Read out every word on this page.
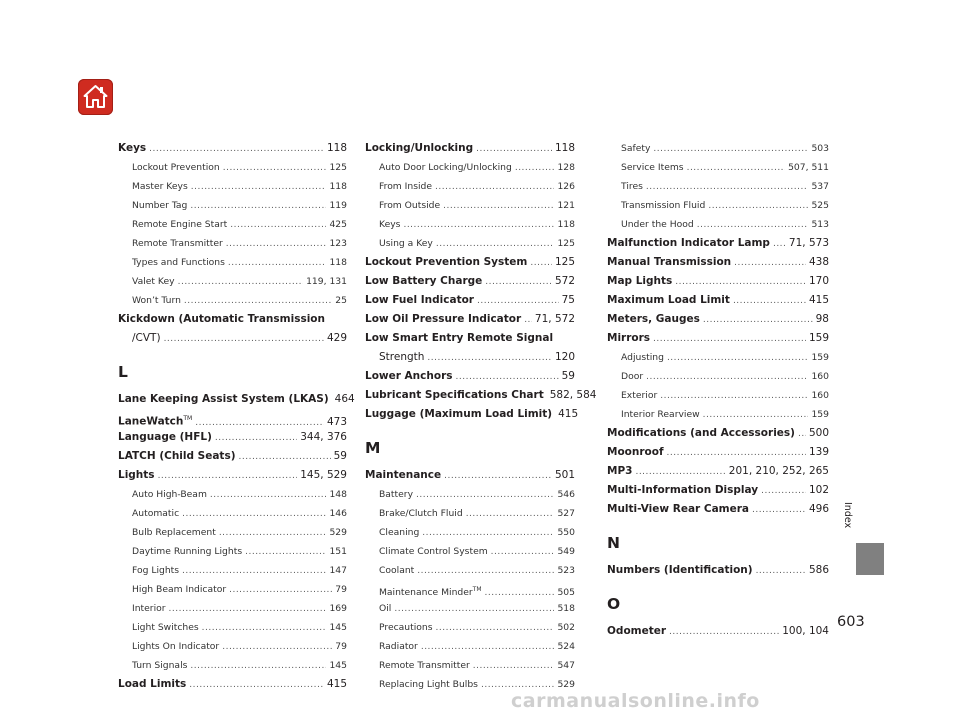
Keys .....	118
Lockout Prevention .....	125
Master Keys .....	118
Number Tag .....	119
Remote Engine Start .....	425
Remote Transmitter .....	123
Types and Functions .....	118
Valet Key .....	119, 131
Won’t Turn .....	25
Kickdown (Automatic Transmission
/CVT) .....	429
L
Lane Keeping Assist System (LKAS) 464
LaneWatch™ .....	473
Language (HFL) .....	344, 376
LATCH (Child Seats) .....	59
Lights .....	145, 529
Auto High-Beam .....	148
Automatic .....	146
Bulb Replacement .....	529
Daytime Running Lights .....	151
Fog Lights .....	147
High Beam Indicator .....	79
Interior .....	169
Light Switches .....	145
Lights On Indicator .....	79
Turn Signals .....	145
Load Limits .....	415
Locking/Unlocking .....	118
Auto Door Locking/Unlocking .....	128
From Inside .....	126
From Outside .....	121
Keys .....	118
Using a Key .....	125
Lockout Prevention System .....	125
Low Battery Charge .....	572
Low Fuel Indicator .....	75
Low Oil Pressure Indicator ..... 71, 572
Low Smart Entry Remote Signal
Strength .....	120
Lower Anchors .....	59
Lubricant Specifications Chart 582, 584
Luggage (Maximum Load Limit) 415
M
Maintenance .....	501
Battery .....	546
Brake/Clutch Fluid .....	527
Cleaning .....	550
Climate Control System .....	549
Coolant .....	523
Maintenance Minder™ .....	505
Oil .....	518
Precautions .....	502
Radiator .....	524
Remote Transmitter .....	547
Replacing Light Bulbs .....	529
Safety .....	503
Service Items .....	507, 511
Tires .....	537
Transmission Fluid .....	525
Under the Hood .....	513
Malfunction Indicator Lamp ..... 71, 573
Manual Transmission .....	438
Map Lights .....	170
Maximum Load Limit .....	415
Meters, Gauges .....	98
Mirrors .....	159
Adjusting .....	159
Door .....	160
Exterior .....	160
Interior Rearview .....	159
Modifications (and Accessories) ..... 500
Moonroof .....	139
MP3 .....	201, 210, 252, 265
Multi-Information Display .....	102
Multi-View Rear Camera .....	496
N
Numbers (Identification) .....	586
O
Odometer .....	100, 104
Index
603
carmanualsonline.info
